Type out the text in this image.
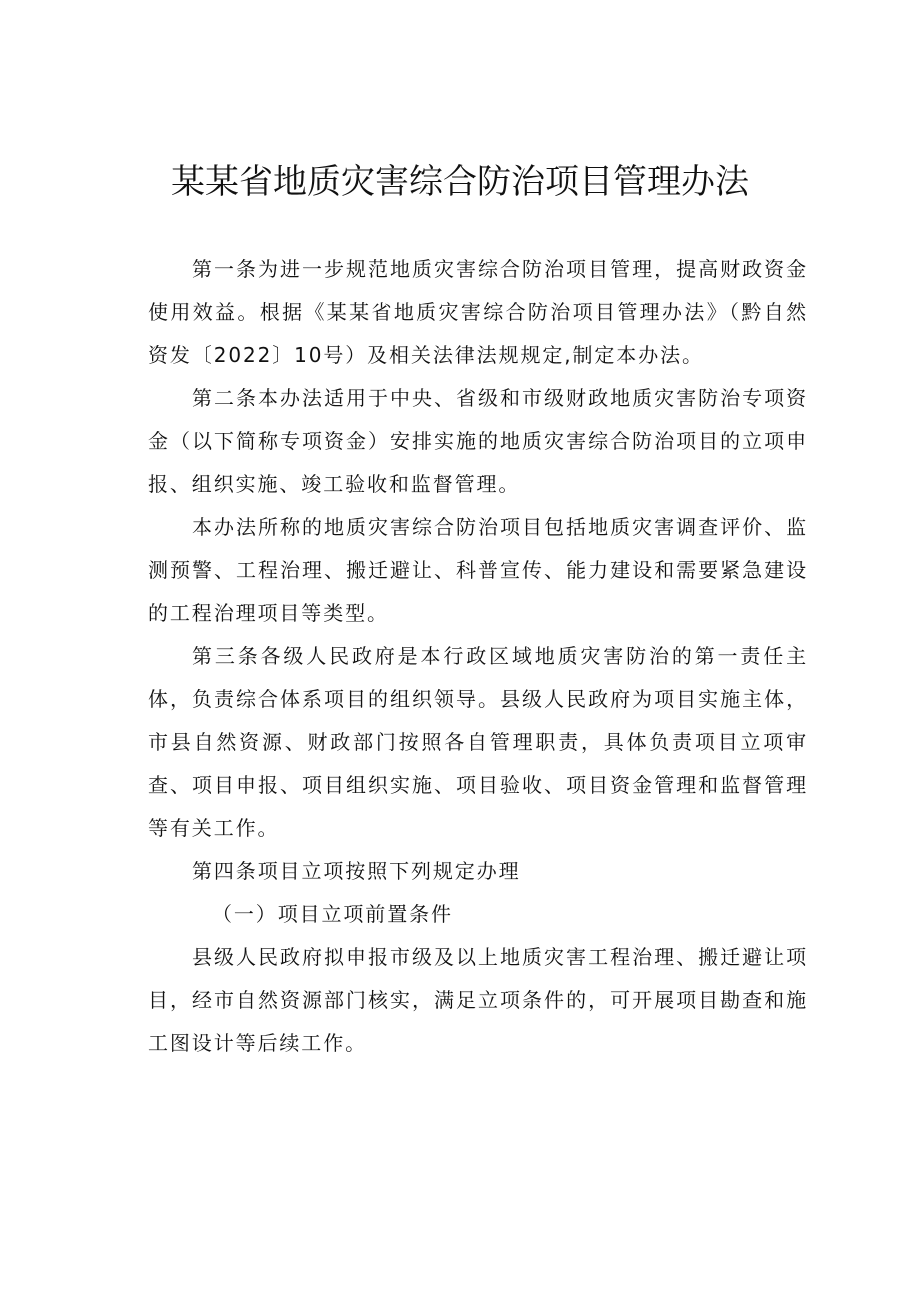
某某省地质灾害综合防治项目管理办法

第一条为进一步规范地质灾害综合防治项目管理，提高财政资金使用效益。根据《某某省地质灾害综合防治项目管理办法》（黔自然资发〔2022〕10号）及相关法律法规规定,制定本办法。

第二条本办法适用于中央、省级和市级财政地质灾害防治专项资金（以下简称专项资金）安排实施的地质灾害综合防治项目的立项申报、组织实施、竣工验收和监督管理。

本办法所称的地质灾害综合防治项目包括地质灾害调查评价、监测预警、工程治理、搬迁避让、科普宣传、能力建设和需要紧急建设的工程治理项目等类型。

第三条各级人民政府是本行政区域地质灾害防治的第一责任主体，负责综合体系项目的组织领导。县级人民政府为项目实施主体，市县自然资源、财政部门按照各自管理职责，具体负责项目立项审查、项目申报、项目组织实施、项目验收、项目资金管理和监督管理等有关工作。

第四条项目立项按照下列规定办理

（一）项目立项前置条件

县级人民政府拟申报市级及以上地质灾害工程治理、搬迁避让项目，经市自然资源部门核实，满足立项条件的，可开展项目勘查和施工图设计等后续工作。
